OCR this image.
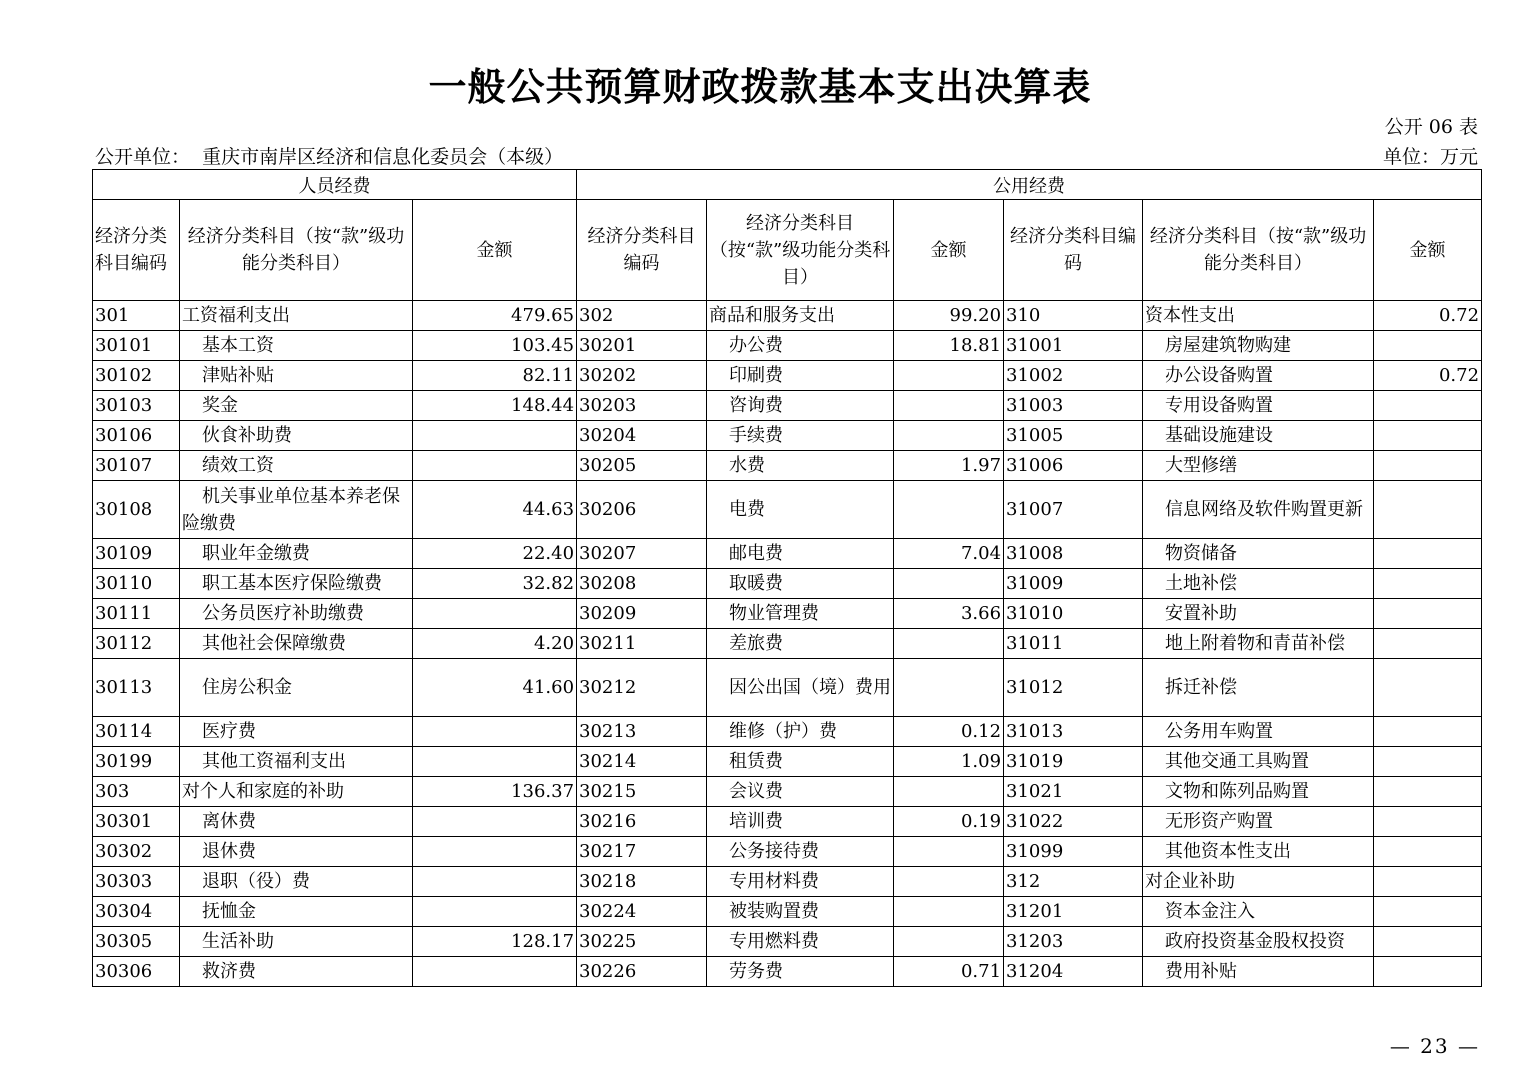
一般公共预算财政拨款基本支出决算表
公开 06 表
公开单位： 重庆市南岸区经济和信息化委员会（本级）	单位：万元
人员经费			公用经费					
经济分类科目编码	经济分类科目（按“款”级功能分类科目）	金额	经济分类科目编码	经济分类科目（按“款”级功能分类科目）	金额	经济分类科目编码	经济分类科目（按“款”级功能分类科目）	金额
301	工资福利支出	479.65	302	商品和服务支出	99.20	310	资本性支出	0.72
30101	基本工资	103.45	30201	办公费	18.81	31001	房屋建筑物购建	
30102	津贴补贴	82.11	30202	印刷费		31002	办公设备购置	0.72
30103	奖金	148.44	30203	咨询费		31003	专用设备购置	
30106	伙食补助费		30204	手续费		31005	基础设施建设	
30107	绩效工资		30205	水费	1.97	31006	大型修缮	
30108	机关事业单位基本养老保险缴费	44.63	30206	电费		31007	信息网络及软件购置更新	
30109	职业年金缴费	22.40	30207	邮电费	7.04	31008	物资储备	
30110	职工基本医疗保险缴费	32.82	30208	取暖费		31009	土地补偿	
30111	公务员医疗补助缴费		30209	物业管理费	3.66	31010	安置补助	
30112	其他社会保障缴费	4.20	30211	差旅费		31011	地上附着物和青苗补偿	
30113	住房公积金	41.60	30212	因公出国（境）费用		31012	拆迁补偿	
30114	医疗费		30213	维修（护）费	0.12	31013	公务用车购置	
30199	其他工资福利支出		30214	租赁费	1.09	31019	其他交通工具购置	
303	对个人和家庭的补助	136.37	30215	会议费		31021	文物和陈列品购置	
30301	离休费		30216	培训费	0.19	31022	无形资产购置	
30302	退休费		30217	公务接待费		31099	其他资本性支出	
30303	退职（役）费		30218	专用材料费		312	对企业补助	
30304	抚恤金		30224	被装购置费		31201	资本金注入	
30305	生活补助	128.17	30225	专用燃料费		31203	政府投资基金股权投资	
30306	救济费		30226	劳务费	0.71	31204	费用补贴	
— 23 —
